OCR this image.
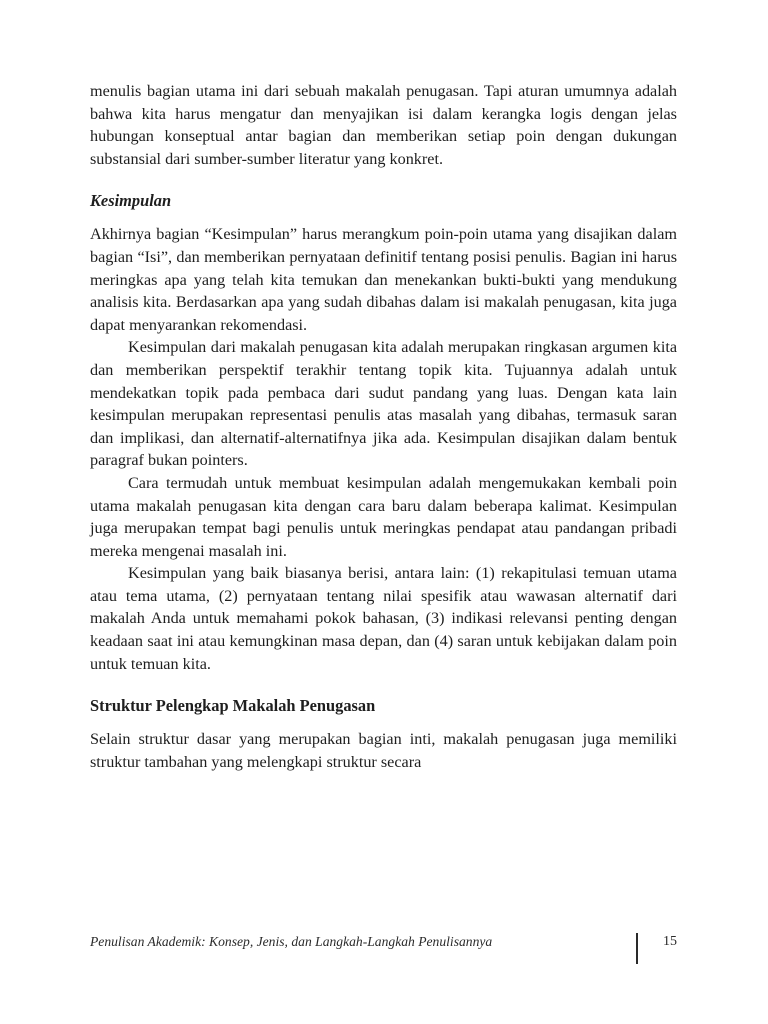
menulis bagian utama ini dari sebuah makalah penugasan. Tapi aturan umumnya adalah bahwa kita harus mengatur dan menyajikan isi dalam kerangka logis dengan jelas hubungan konseptual antar bagian dan memberikan setiap poin dengan dukungan substansial dari sumber-sumber literatur yang konkret.

Kesimpulan

Akhirnya bagian “Kesimpulan” harus merangkum poin-poin utama yang disajikan dalam bagian “Isi”, dan memberikan pernyataan definitif tentang posisi penulis. Bagian ini harus meringkas apa yang telah kita temukan dan menekankan bukti-bukti yang mendukung analisis kita. Berdasarkan apa yang sudah dibahas dalam isi makalah penugasan, kita juga dapat menyarankan rekomendasi.

Kesimpulan dari makalah penugasan kita adalah merupakan ringkasan argumen kita dan memberikan perspektif terakhir tentang topik kita. Tujuannya adalah untuk mendekatkan topik pada pembaca dari sudut pandang yang luas. Dengan kata lain kesimpulan merupakan representasi penulis atas masalah yang dibahas, termasuk saran dan implikasi, dan alternatif-alternatifnya jika ada. Kesimpulan disajikan dalam bentuk paragraf bukan pointers.

Cara termudah untuk membuat kesimpulan adalah mengemukakan kembali poin utama makalah penugasan kita dengan cara baru dalam beberapa kalimat. Kesimpulan juga merupakan tempat bagi penulis untuk meringkas pendapat atau pandangan pribadi mereka mengenai masalah ini.

Kesimpulan yang baik biasanya berisi, antara lain: (1) rekapitulasi temuan utama atau tema utama, (2) pernyataan tentang nilai spesifik atau wawasan alternatif dari makalah Anda untuk memahami pokok bahasan, (3) indikasi relevansi penting dengan keadaan saat ini atau kemungkinan masa depan, dan (4) saran untuk kebijakan dalam poin untuk temuan kita.

Struktur Pelengkap Makalah Penugasan

Selain struktur dasar yang merupakan bagian inti, makalah penugasan juga memiliki struktur tambahan yang melengkapi struktur secara

Penulisan Akademik: Konsep, Jenis, dan Langkah-Langkah Penulisannya	15
